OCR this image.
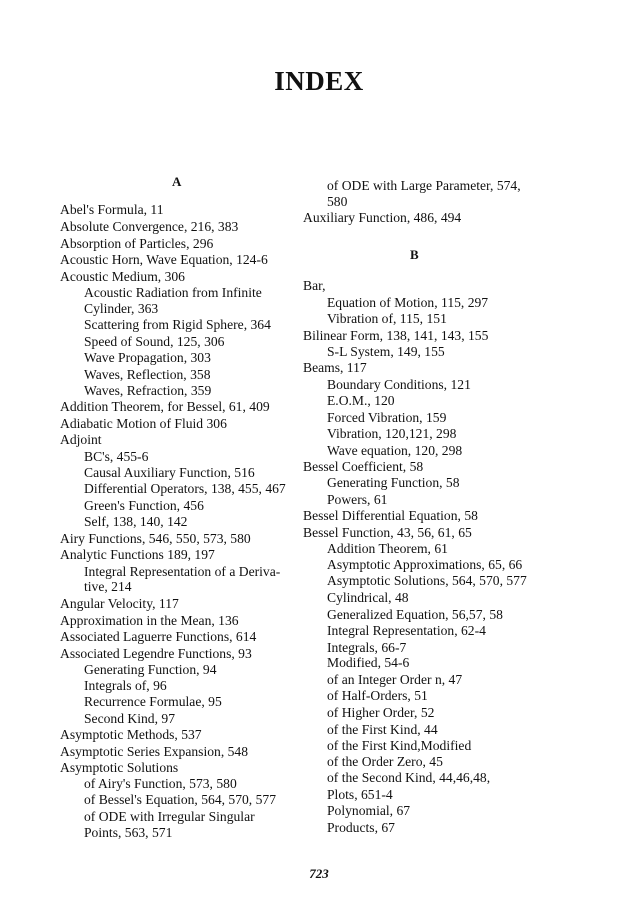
INDEX
A
Abel's Formula, 11
Absolute Convergence, 216, 383
Absorption of Particles, 296
Acoustic Horn, Wave Equation, 124-6
Acoustic Medium, 306
Acoustic Radiation from Infinite
Cylinder, 363
Scattering from Rigid Sphere, 364
Speed of Sound, 125, 306
Wave Propagation, 303
Waves, Reflection, 358
Waves, Refraction, 359
Addition Theorem, for Bessel, 61, 409
Adiabatic Motion of Fluid 306
Adjoint
BC's, 455-6
Causal Auxiliary Function, 516
Differential Operators, 138, 455, 467
Green's Function, 456
Self, 138, 140, 142
Airy Functions, 546, 550, 573, 580
Analytic Functions 189, 197
Integral Representation of a Deriva-
tive, 214
Angular Velocity, 117
Approximation in the Mean, 136
Associated Laguerre Functions, 614
Associated Legendre Functions, 93
Generating Function, 94
Integrals of, 96
Recurrence Formulae, 95
Second Kind, 97
Asymptotic Methods, 537
Asymptotic Series Expansion, 548
Asymptotic Solutions
of Airy's Function, 573, 580
of Bessel's Equation, 564, 570, 577
of ODE with Irregular Singular
Points, 563, 571
of ODE with Large Parameter, 574,
580
Auxiliary Function, 486, 494
B
Bar,
Equation of Motion, 115, 297
Vibration of, 115, 151
Bilinear Form, 138, 141, 143, 155
S-L System, 149, 155
Beams, 117
Boundary Conditions, 121
E.O.M., 120
Forced Vibration, 159
Vibration, 120,121, 298
Wave equation, 120, 298
Bessel Coefficient, 58
Generating Function, 58
Powers, 61
Bessel Differential Equation, 58
Bessel Function, 43, 56, 61, 65
Addition Theorem, 61
Asymptotic Approximations, 65, 66
Asymptotic Solutions, 564, 570, 577
Cylindrical, 48
Generalized Equation, 56,57, 58
Integral Representation, 62-4
Integrals, 66-7
Modified, 54-6
of an Integer Order n, 47
of Half-Orders, 51
of Higher Order, 52
of the First Kind, 44
of the First Kind,Modified
of the Order Zero, 45
of the Second Kind, 44,46,48,
Plots, 651-4
Polynomial, 67
Products, 67
723
